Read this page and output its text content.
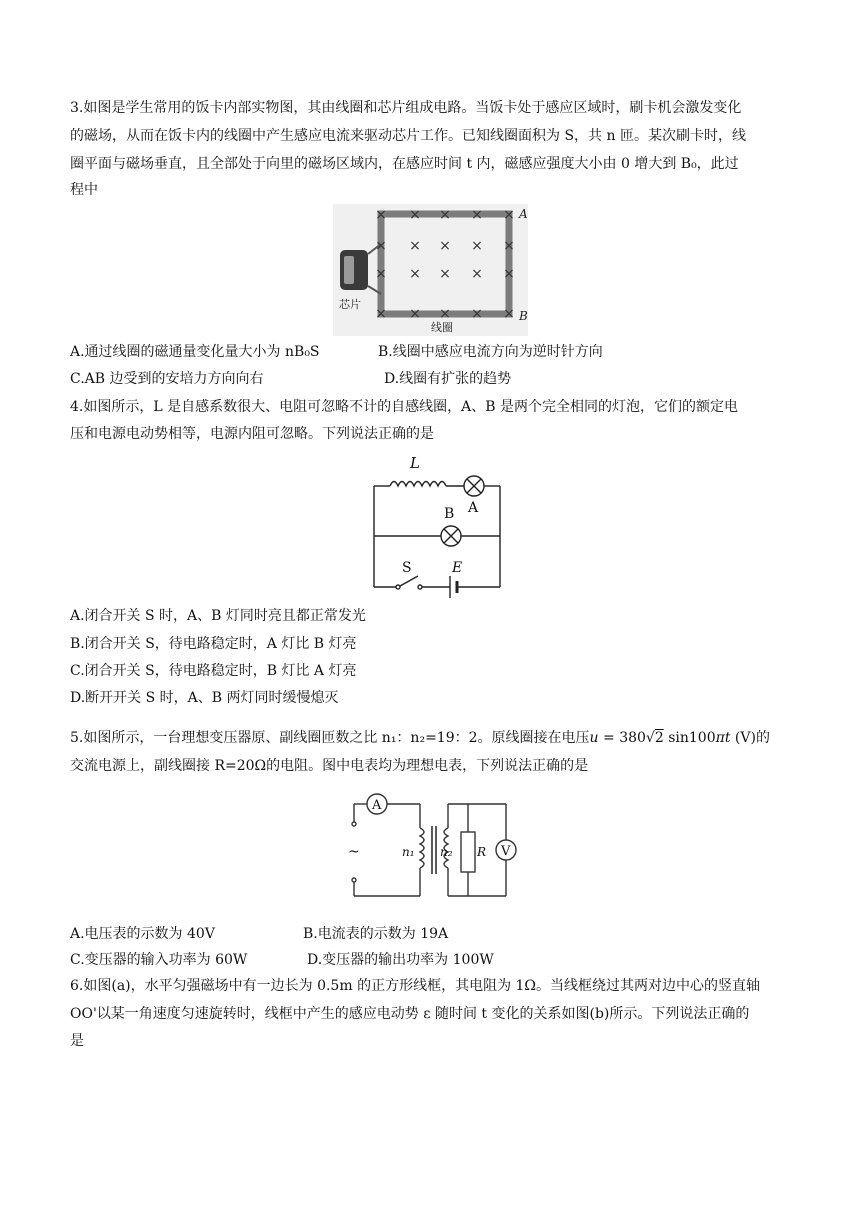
3.如图是学生常用的饭卡内部实物图，其由线圈和芯片组成电路。当饭卡处于感应区域时，刷卡机会激发变化
的磁场，从而在饭卡内的线圈中产生感应电流来驱动芯片工作。已知线圈面积为 S，共 n 匝。某次刷卡时，线
圈平面与磁场垂直，且全部处于向里的磁场区域内，在感应时间 t 内，磁感应强度大小由 0 增大到 B₀，此过
程中
× × × × ×
× × × × ×
× × × × ×
× × × × ×
A
B
芯片
线圈
A.通过线圈的磁通量变化量大小为 nB₀S	B.线圈中感应电流方向为逆时针方向
C.AB 边受到的安培力方向向右	D.线圈有扩张的趋势
4.如图所示，L 是自感系数很大、电阻可忽略不计的自感线圈，A、B 是两个完全相同的灯泡，它们的额定电
压和电源电动势相等，电源内阻可忽略。下列说法正确的是
L
A
B
S	E
A.闭合开关 S 时，A、B 灯同时亮且都正常发光
B.闭合开关 S，待电路稳定时，A 灯比 B 灯亮
C.闭合开关 S，待电路稳定时，B 灯比 A 灯亮
D.断开开关 S 时，A、B 两灯同时缓慢熄灭
5.如图所示，一台理想变压器原、副线圈匝数之比 n₁：n₂=19：2。原线圈接在电压u = 380√2 sin100πt (V)的
交流电源上，副线圈接 R=20Ω的电阻。图中电表均为理想电表，下列说法正确的是
A
V
~	n₁ n₂ R
A.电压表的示数为 40V	B.电流表的示数为 19A
C.变压器的输入功率为 60W	D.变压器的输出功率为 100W
6.如图(a)，水平匀强磁场中有一边长为 0.5m 的正方形线框，其电阻为 1Ω。当线框绕过其两对边中心的竖直轴
OO'以某一角速度匀速旋转时，线框中产生的感应电动势 ε 随时间 t 变化的关系如图(b)所示。下列说法正确的
是
